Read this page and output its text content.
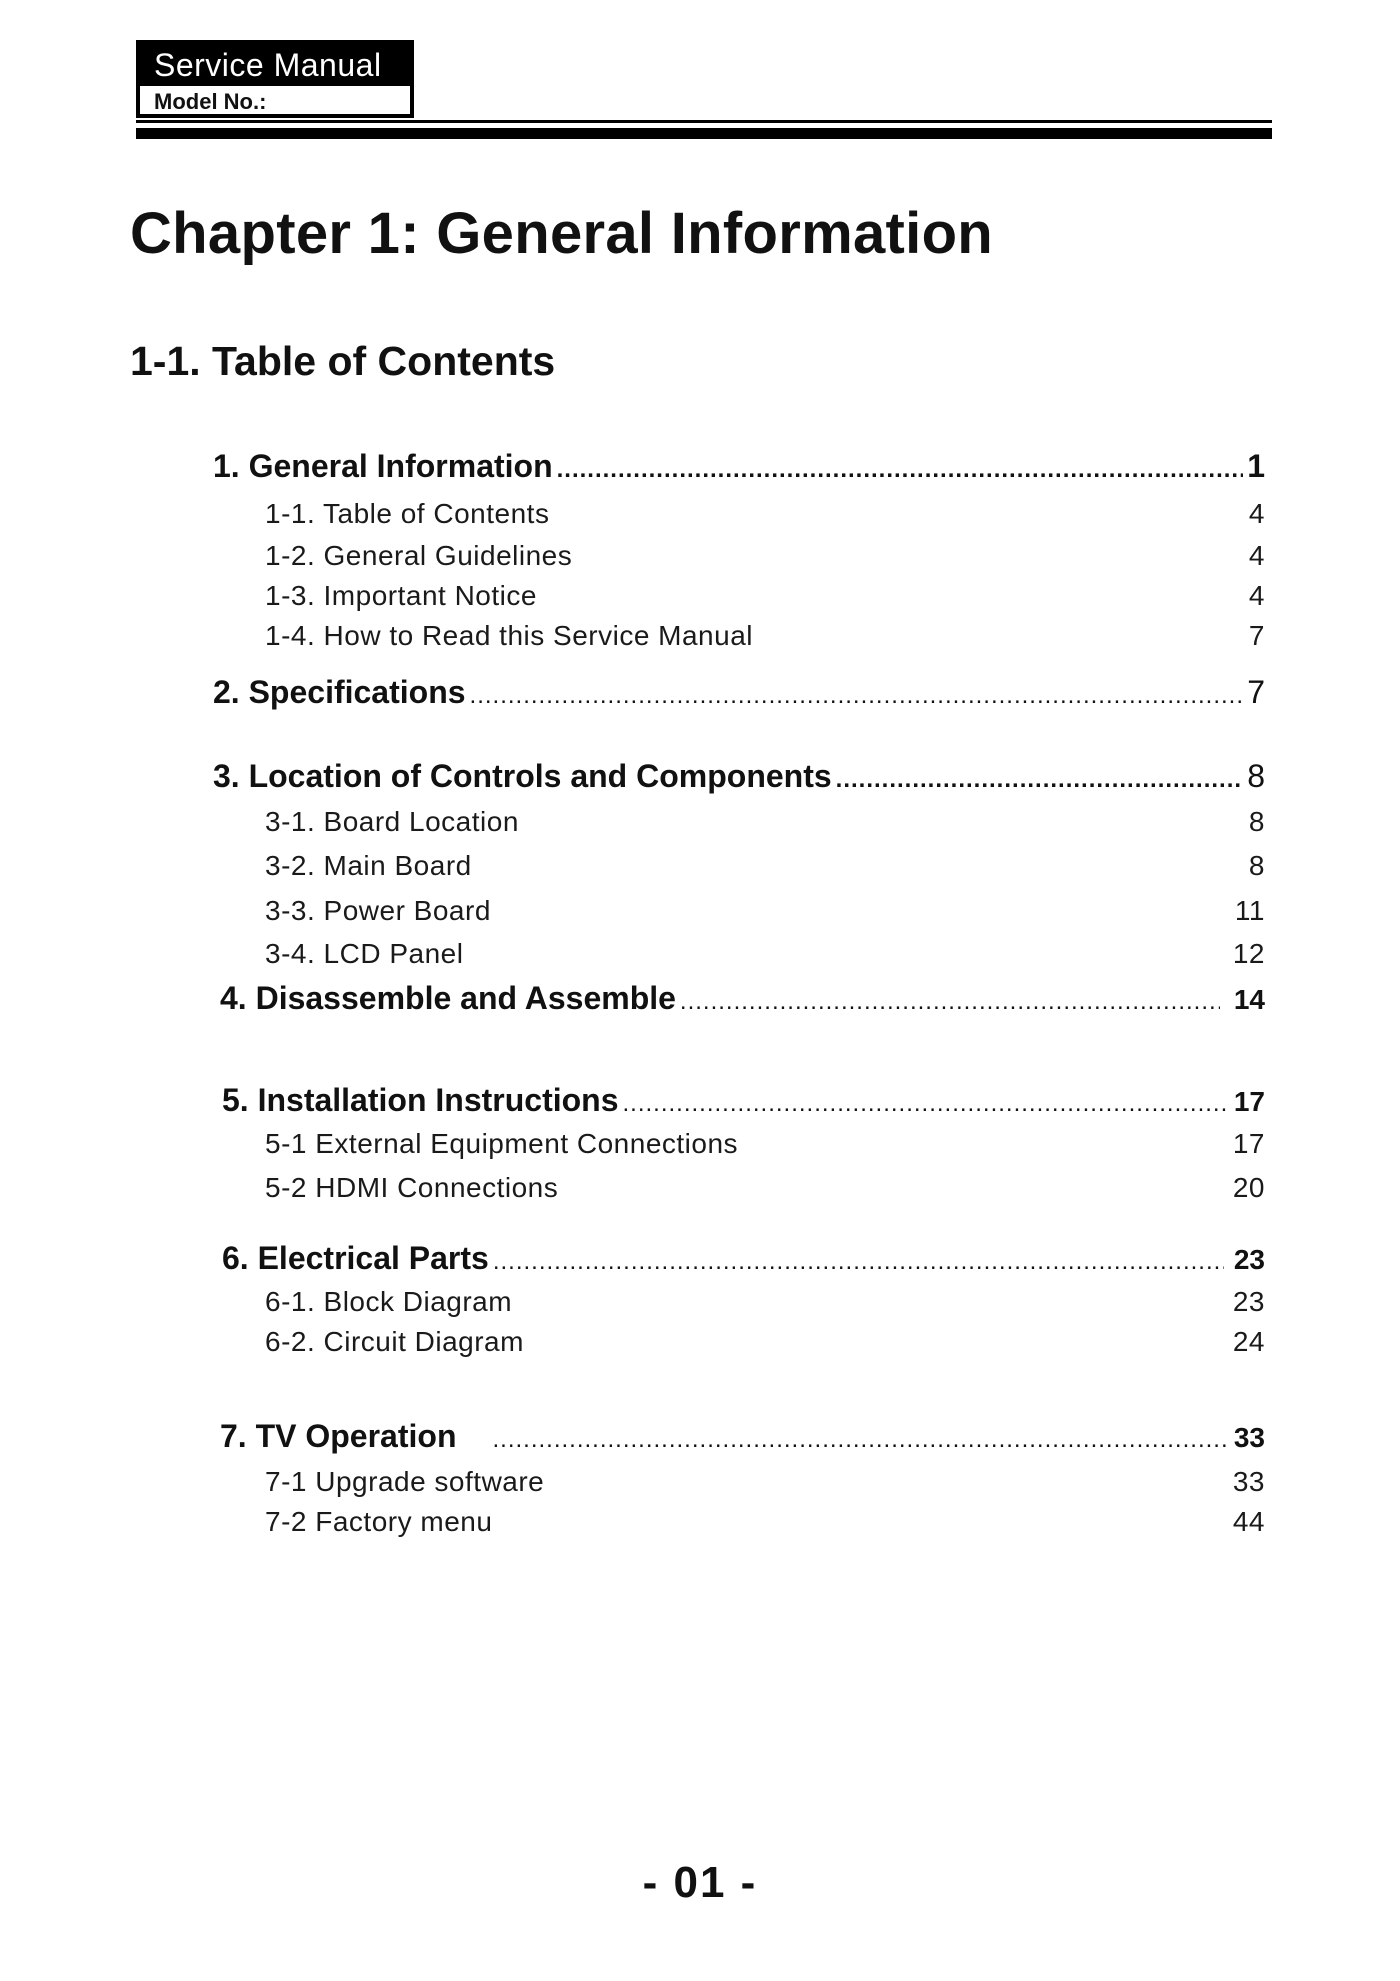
Service Manual
Model No.:
Chapter 1: General Information
1-1. Table of Contents
1. General Information .....	1
1-1. Table of Contents	4
1-2. General Guidelines	4
1-3. Important Notice	4
1-4. How to Read this Service Manual	7
2. Specifications .....	7
3. Location of Controls and Components .....	8
3-1. Board Location	8
3-2. Main Board	8
3-3. Power Board	11
3-4. LCD Panel	12
4. Disassemble and Assemble .....	14
5. Installation Instructions .....	17
5-1 External Equipment Connections	17
5-2 HDMI Connections	20
6. Electrical Parts .....	23
6-1. Block Diagram	23
6-2. Circuit Diagram	24
7. TV Operation .....	33
7-1 Upgrade software	33
7-2 Factory menu	44
- 01 -
